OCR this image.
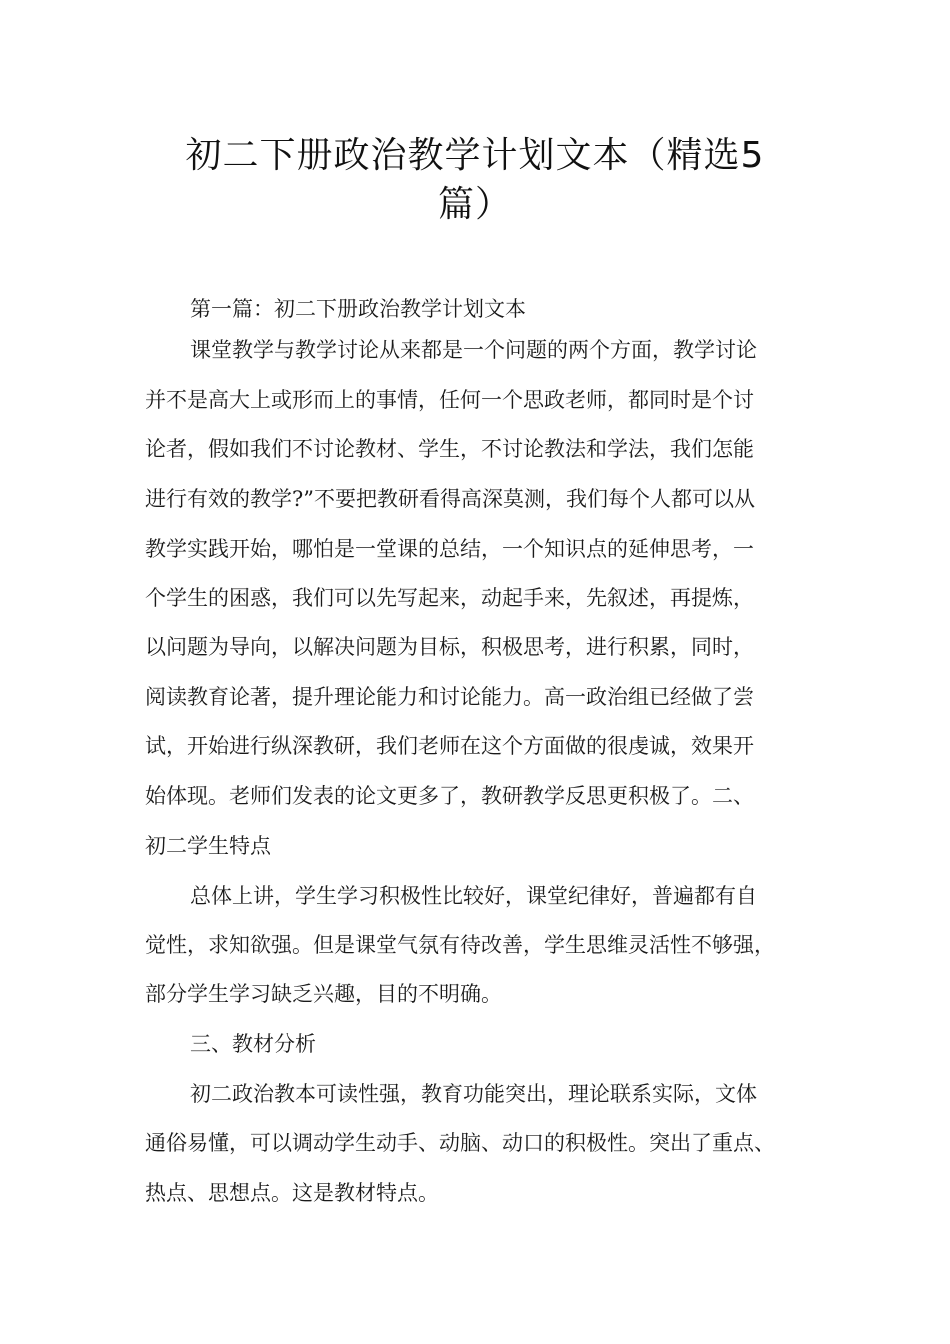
初二下册政治教学计划文本（精选5
篇）

第一篇：初二下册政治教学计划文本

课堂教学与教学讨论从来都是一个问题的两个方面，教学讨论

并不是高大上或形而上的事情，任何一个思政老师，都同时是个讨

论者，假如我们不讨论教材、学生，不讨论教法和学法，我们怎能

进行有效的教学?”不要把教研看得高深莫测，我们每个人都可以从

教学实践开始，哪怕是一堂课的总结，一个知识点的延伸思考，一

个学生的困惑，我们可以先写起来，动起手来，先叙述，再提炼，

以问题为导向，以解决问题为目标，积极思考，进行积累，同时，

阅读教育论著，提升理论能力和讨论能力。高一政治组已经做了尝

试，开始进行纵深教研，我们老师在这个方面做的很虔诚，效果开

始体现。老师们发表的论文更多了，教研教学反思更积极了。二、

初二学生特点

总体上讲，学生学习积极性比较好，课堂纪律好，普遍都有自

觉性，求知欲强。但是课堂气氛有待改善，学生思维灵活性不够强，

部分学生学习缺乏兴趣，目的不明确。

三、教材分析

初二政治教本可读性强，教育功能突出，理论联系实际，文体

通俗易懂，可以调动学生动手、动脑、动口的积极性。突出了重点、

热点、思想点。这是教材特点。
